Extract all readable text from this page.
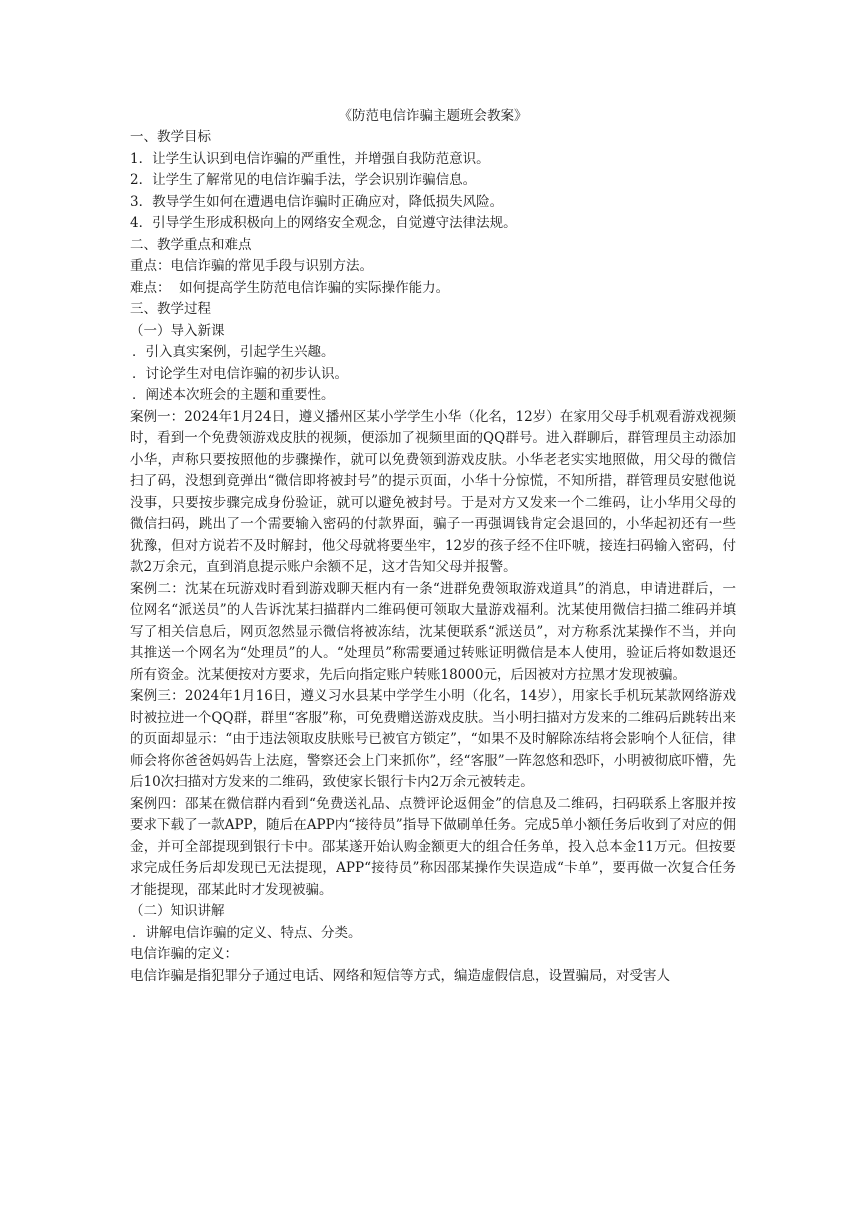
《防范电信诈骗主题班会教案》

一、教学目标

1．让学生认识到电信诈骗的严重性，并增强自我防范意识。

2．让学生了解常见的电信诈骗手法，学会识别诈骗信息。

3．教导学生如何在遭遇电信诈骗时正确应对，降低损失风险。

4．引导学生形成积极向上的网络安全观念，自觉遵守法律法规。

二、教学重点和难点

重点：电信诈骗的常见手段与识别方法。

难点：  如何提高学生防范电信诈骗的实际操作能力。

三、教学过程

（一）导入新课

．引入真实案例，引起学生兴趣。

．讨论学生对电信诈骗的初步认识。

．阐述本次班会的主题和重要性。

案例一：2024年1月24日，遵义播州区某小学学生小华（化名，12岁）在家用父母手机观看游戏视频时，看到一个免费领游戏皮肤的视频，便添加了视频里面的QQ群号。进入群聊后，群管理员主动添加小华，声称只要按照他的步骤操作，就可以免费领到游戏皮肤。小华老老实实地照做，用父母的微信扫了码，没想到竟弹出“微信即将被封号”的提示页面，小华十分惊慌，不知所措，群管理员安慰他说没事，只要按步骤完成身份验证，就可以避免被封号。于是对方又发来一个二维码，让小华用父母的微信扫码，跳出了一个需要输入密码的付款界面，骗子一再强调钱肯定会退回的，小华起初还有一些犹豫，但对方说若不及时解封，他父母就将要坐牢，12岁的孩子经不住吓唬，接连扫码输入密码，付款2万余元，直到消息提示账户余额不足，这才告知父母并报警。

案例二：沈某在玩游戏时看到游戏聊天框内有一条“进群免费领取游戏道具”的消息，申请进群后，一位网名“派送员”的人告诉沈某扫描群内二维码便可领取大量游戏福利。沈某使用微信扫描二维码并填写了相关信息后，网页忽然显示微信将被冻结，沈某便联系“派送员”，对方称系沈某操作不当，并向其推送一个网名为“处理员”的人。“处理员”称需要通过转账证明微信是本人使用，验证后将如数退还所有资金。沈某便按对方要求，先后向指定账户转账18000元，后因被对方拉黑才发现被骗。

案例三：2024年1月16日，遵义习水县某中学学生小明（化名，14岁），用家长手机玩某款网络游戏时被拉进一个QQ群，群里“客服”称，可免费赠送游戏皮肤。当小明扫描对方发来的二维码后跳转出来的页面却显示：“由于违法领取皮肤账号已被官方锁定”，“如果不及时解除冻结将会影响个人征信，律师会将你爸爸妈妈告上法庭，警察还会上门来抓你”，经“客服”一阵忽悠和恐吓，小明被彻底吓懵，先后10次扫描对方发来的二维码，致使家长银行卡内2万余元被转走。

案例四：邵某在微信群内看到“免费送礼品、点赞评论返佣金”的信息及二维码，扫码联系上客服并按要求下载了一款APP，随后在APP内“接待员”指导下做刷单任务。完成5单小额任务后收到了对应的佣金，并可全部提现到银行卡中。邵某遂开始认购金额更大的组合任务单，投入总本金11万元。但按要求完成任务后却发现已无法提现，APP“接待员”称因邵某操作失误造成“卡单”，要再做一次复合任务才能提现，邵某此时才发现被骗。

（二）知识讲解

．讲解电信诈骗的定义、特点、分类。

电信诈骗的定义：

电信诈骗是指犯罪分子通过电话、网络和短信等方式，编造虚假信息，设置骗局，对受害人
